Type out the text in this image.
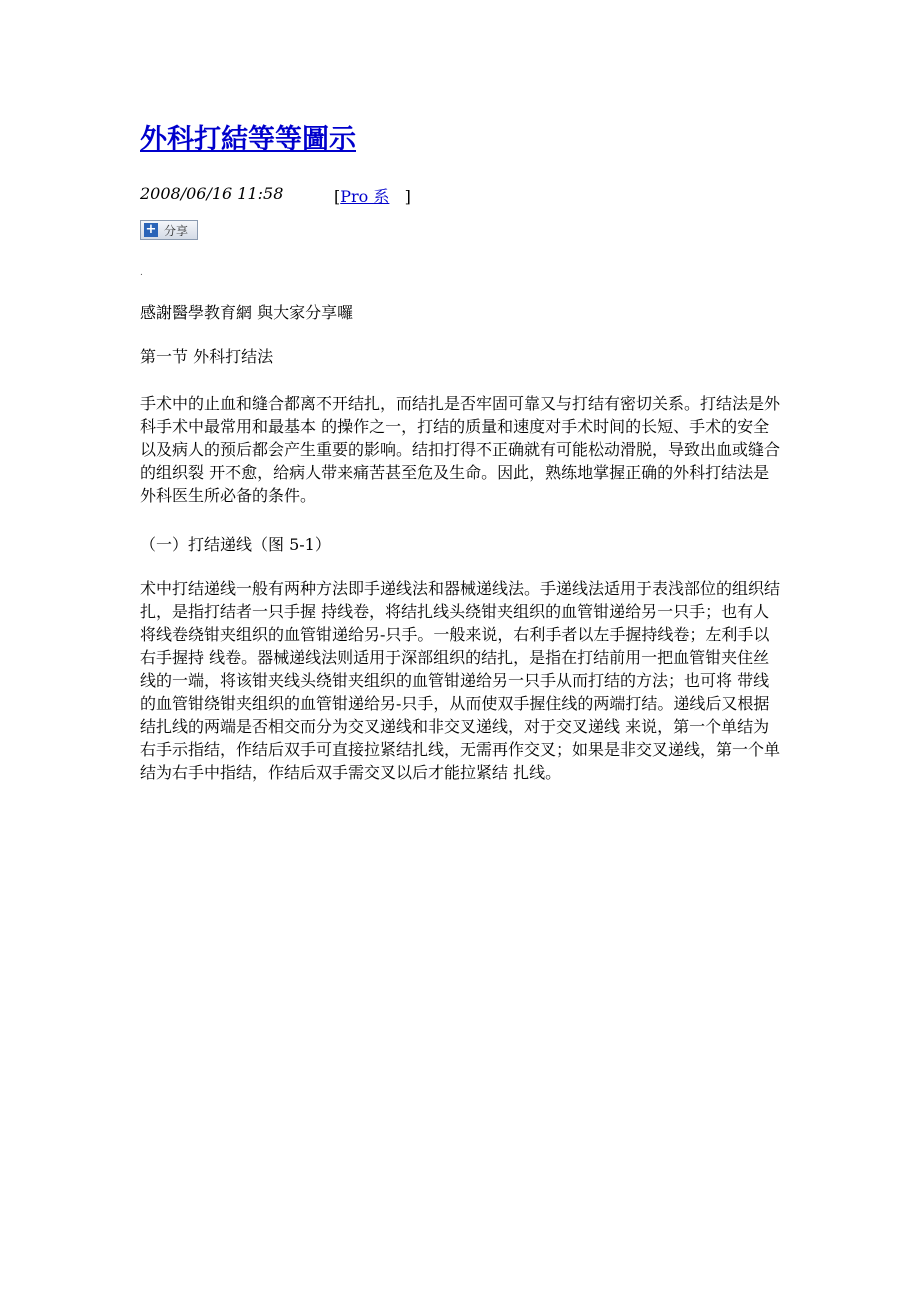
外科打結等等圖示
2008/06/16 11:58	[Pro 系 ]
+ 分享
.
感謝醫學教育網 與大家分享囉
第一节 外科打结法
手术中的止血和缝合都离不开结扎，而结扎是否牢固可靠又与打结有密切关系。打结法是外科手术中最常用和最基本 的操作之一，打结的质量和速度对手术时间的长短、手术的安全以及病人的预后都会产生重要的影响。结扣打得不正确就有可能松动滑脱，导致出血或缝合的组织裂 开不愈，给病人带来痛苦甚至危及生命。因此，熟练地掌握正确的外科打结法是外科医生所必备的条件。
（一）打结递线（图 5-1）
术中打结递线一般有两种方法即手递线法和器械递线法。手递线法适用于表浅部位的组织结扎，是指打结者一只手握 持线卷，将结扎线头绕钳夹组织的血管钳递给另一只手；也有人将线卷绕钳夹组织的血管钳递给另-只手。一般来说，右利手者以左手握持线卷；左利手以右手握持 线卷。器械递线法则适用于深部组织的结扎，是指在打结前用一把血管钳夹住丝线的一端，将该钳夹线头绕钳夹组织的血管钳递给另一只手从而打结的方法；也可将 带线的血管钳绕钳夹组织的血管钳递给另-只手，从而使双手握住线的两端打结。递线后又根据结扎线的两端是否相交而分为交叉递线和非交叉递线，对于交叉递线 来说，第一个单结为右手示指结，作结后双手可直接拉紧结扎线，无需再作交叉；如果是非交叉递线，第一个单结为右手中指结，作结后双手需交叉以后才能拉紧结 扎线。
